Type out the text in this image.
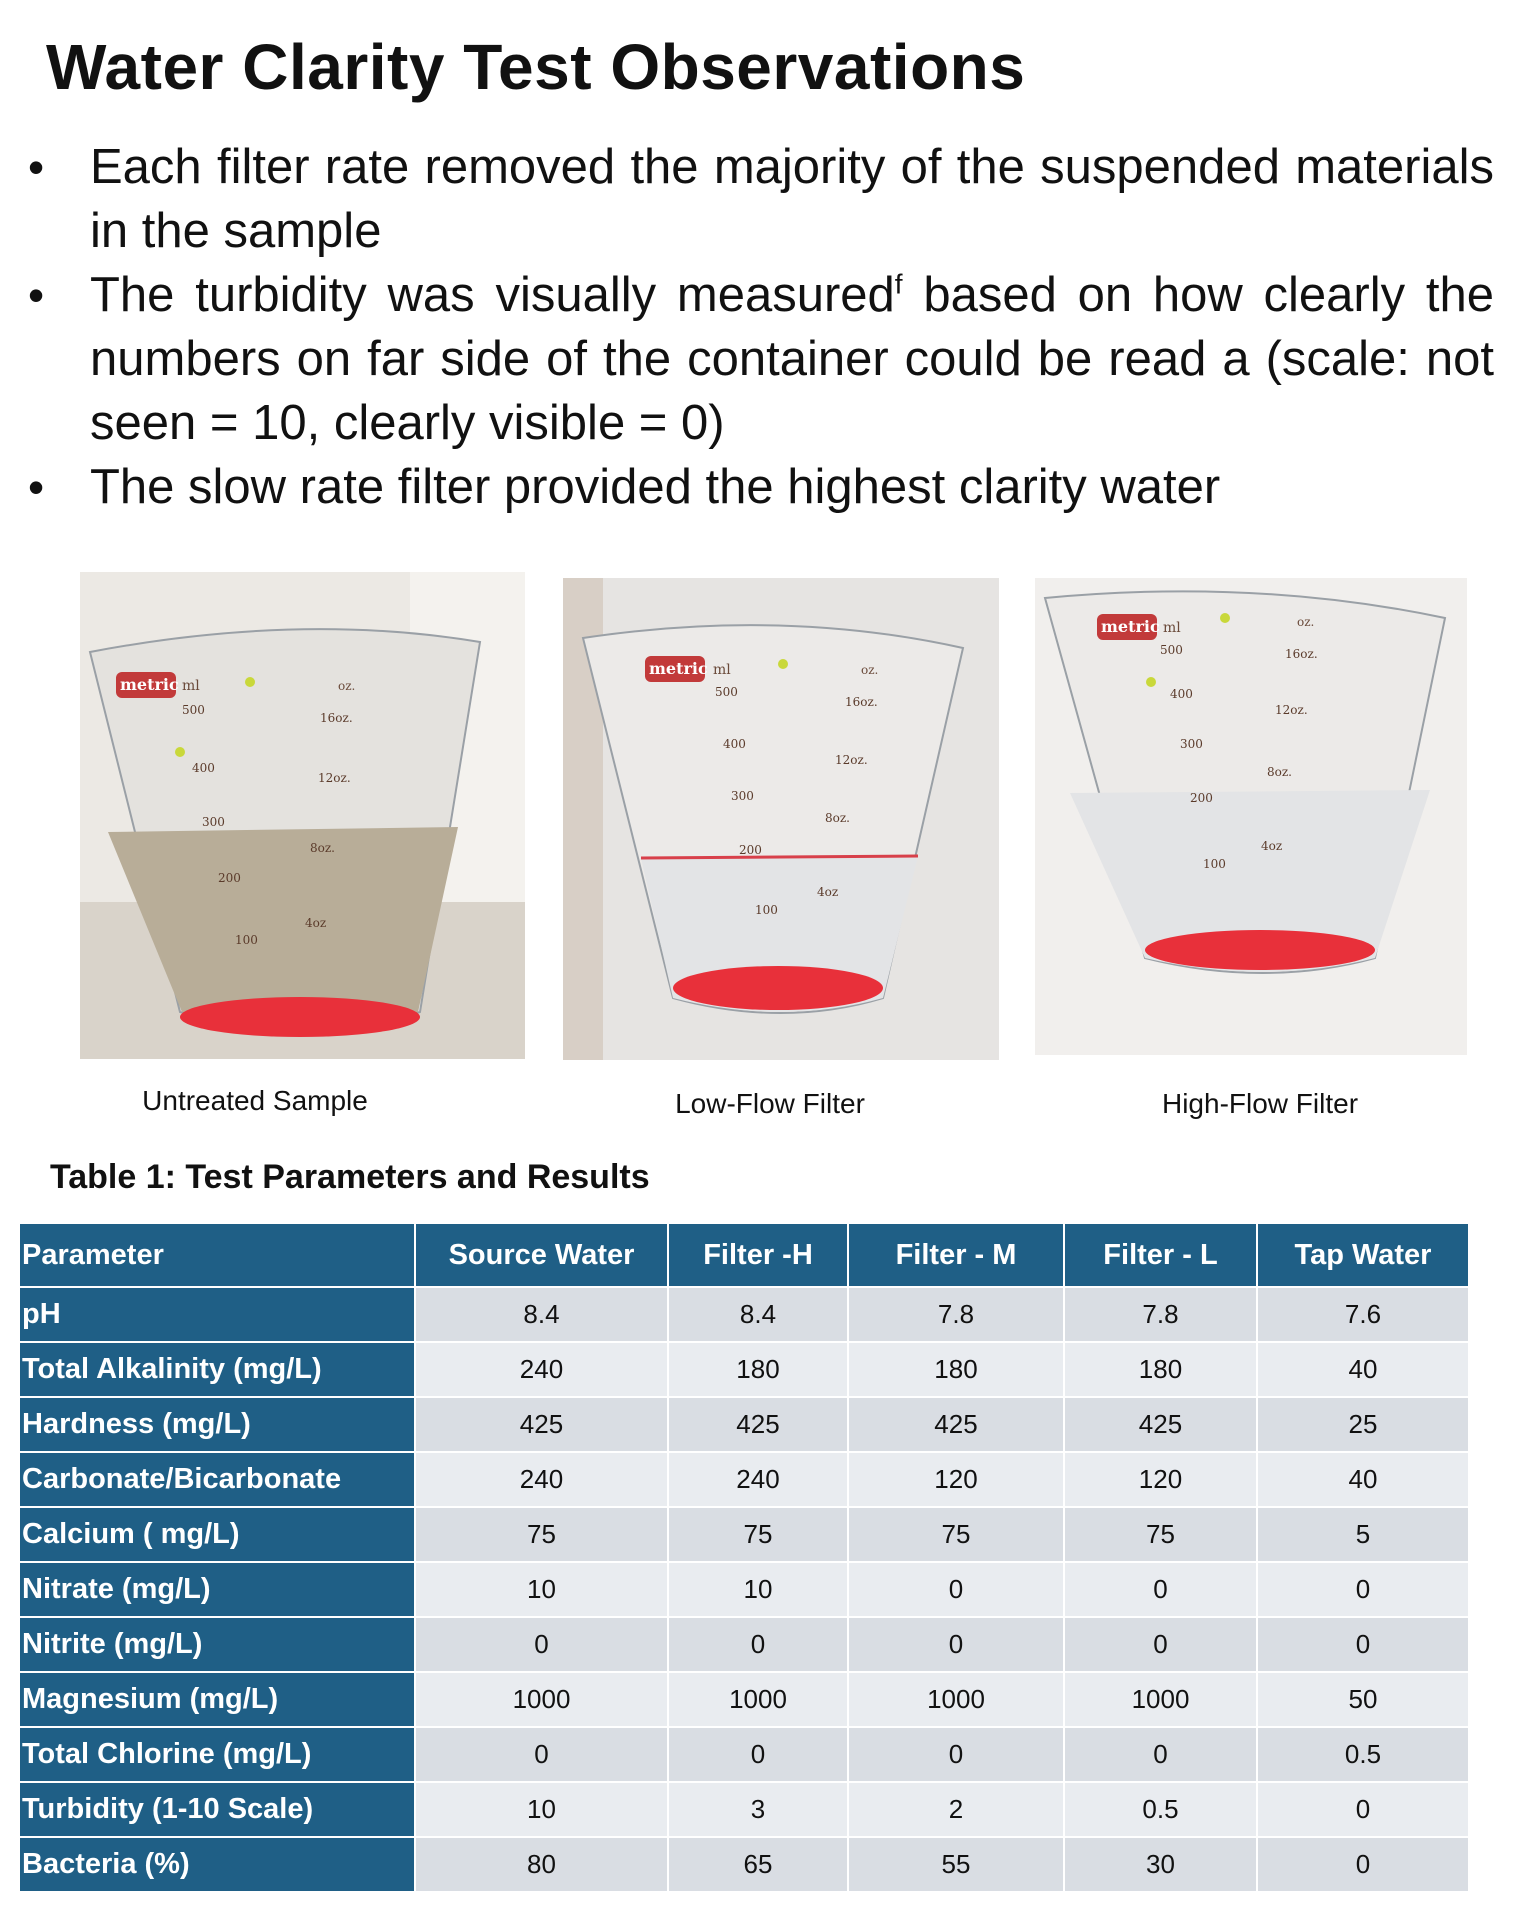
Water Clarity Test Observations
• Each filter rate removed the majority of the suspended materials in the sample
• The turbidity was visually measured$^f$ based on how clearly the numbers on far side of the container could be read a (scale: not seen = 10, clearly visible = 0)
• The slow rate filter provided the highest clarity water
metric ml	oz.
500
400
300
200
100
16oz.
12oz.
8oz.
4oz
Untreated Sample
metric ml	oz.
500
400
300
200
100
16oz.
12oz.
8oz.
4oz
Low-Flow Filter
metric ml	oz.
500
400
300
200
100
16oz.
12oz.
8oz.
4oz
High-Flow Filter
Table 1: Test Parameters and Results
Parameter	Source Water	Filter -H	Filter - M	Filter - L	Tap Water
pH	8.4	8.4	7.8	7.8	7.6
Total Alkalinity (mg/L)	240	180	180	180	40
Hardness (mg/L)	425	425	425	425	25
Carbonate/Bicarbonate	240	240	120	120	40
Calcium ( mg/L)	75	75	75	75	5
Nitrate (mg/L)	10	10	0	0	0
Nitrite (mg/L)	0	0	0	0	0
Magnesium (mg/L)	1000	1000	1000	1000	50
Total Chlorine (mg/L)	0	0	0	0	0.5
Turbidity (1-10 Scale)	10	3	2	0.5	0
Bacteria (%)	80	65	55	30	0
